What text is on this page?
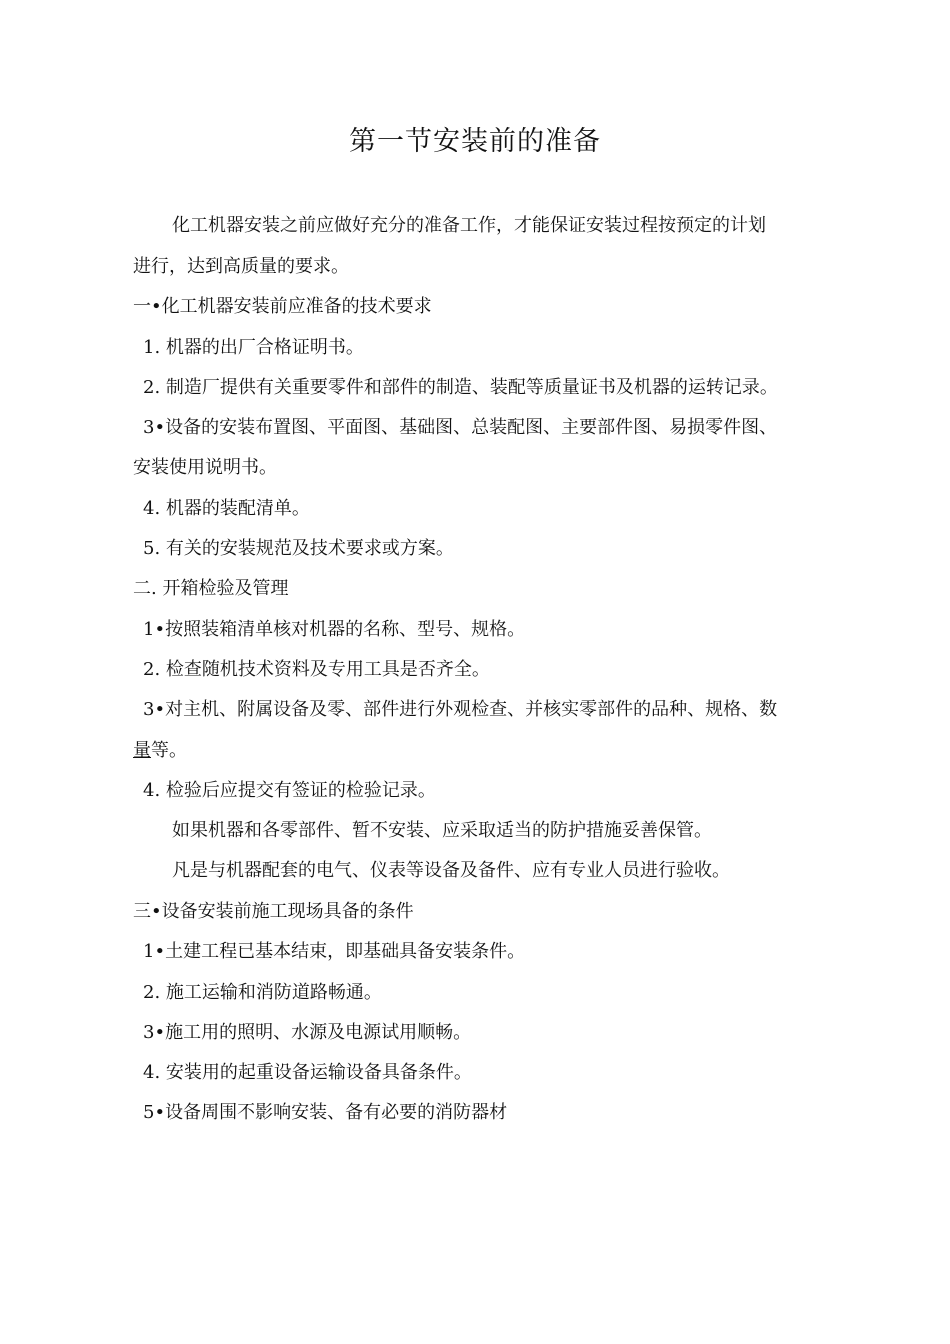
第一节安装前的准备
化工机器安装之前应做好充分的准备工作，才能保证安装过程按预定的计划
进行，达到高质量的要求。
一•化工机器安装前应准备的技术要求
1. 机器的出厂合格证明书。
2. 制造厂提供有关重要零件和部件的制造、装配等质量证书及机器的运转记录。
3•设备的安装布置图、平面图、基础图、总装配图、主要部件图、易损零件图、
安装使用说明书。
4. 机器的装配清单。
5. 有关的安装规范及技术要求或方案。
二. 开箱检验及管理
1•按照装箱清单核对机器的名称、型号、规格。
2. 检查随机技术资料及专用工具是否齐全。
3•对主机、附属设备及零、部件进行外观检查、并核实零部件的品种、规格、数
量等。
4. 检验后应提交有签证的检验记录。
如果机器和各零部件、暂不安装、应采取适当的防护措施妥善保管。
凡是与机器配套的电气、仪表等设备及备件、应有专业人员进行验收。
三•设备安装前施工现场具备的条件
1•土建工程已基本结束，即基础具备安装条件。
2. 施工运输和消防道路畅通。
3•施工用的照明、水源及电源试用顺畅。
4. 安装用的起重设备运输设备具备条件。
5•设备周围不影响安装、备有必要的消防器材
